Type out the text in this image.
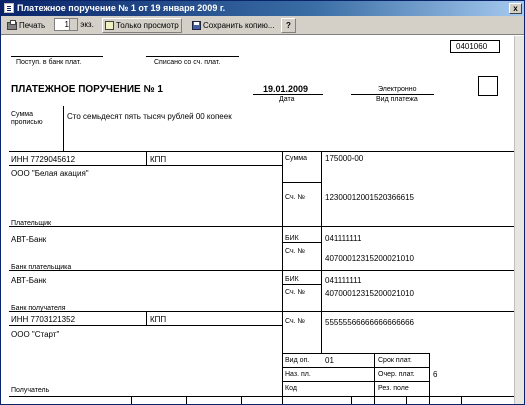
Платежное поручение № 1 от 19 января 2009 г.	x
Печать	1 экз.	Только просмотр	Сохранить копию...	?
0401060
Поступ. в банк плат.	Списано со сч. плат.
ПЛАТЕЖНОЕ ПОРУЧЕНИЕ № 1	19.01.2009
Дата
Электронно
Вид платежа
Сумма
прописью
Сто семьдесят пять тысяч рублей 00 копеек
ИНН 7729045612	КПП	Сумма 175000-00
ООО "Белая акация"
Сч. № 12300012001520366615
Плательщик
АВТ-Банк	БИК	041111111
Сч. №
40700012315200021010
Банк плательщика
АВТ-Банк	БИК	041111111
Сч. № 40700012315200021010
Банк получателя
ИНН 7703121352	КПП	Сч. № 55555566666666666666
ООО "Старт"
Вид оп. 01	Срок плат.
Наз. пл.	Очер. плат. 6
Код	Рез. поле
Получатель
